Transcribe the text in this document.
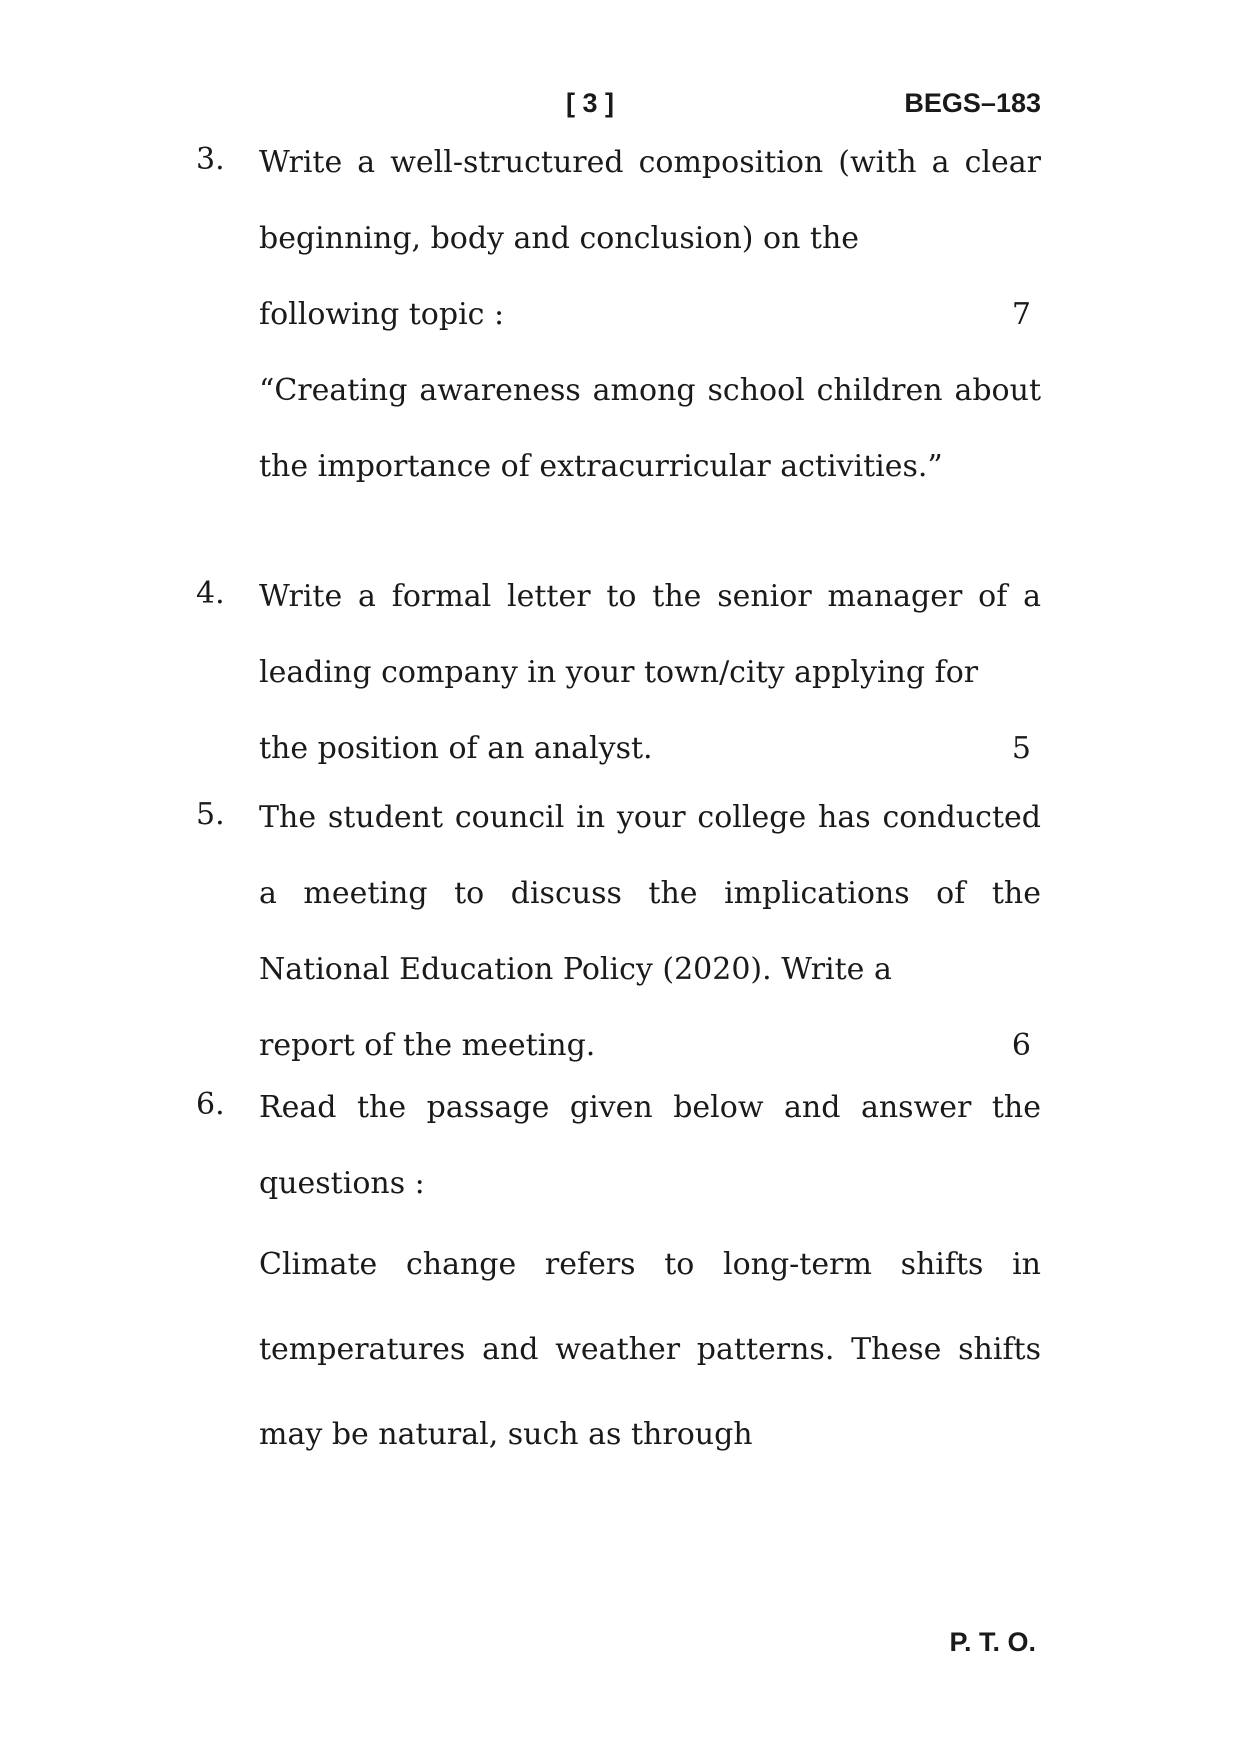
[ 3 ]	BEGS–183
3. Write a well-structured composition (with a clear beginning, body and conclusion) on the
following topic :	7
“Creating awareness among school children about the importance of extracurricular activities.”
4. Write a formal letter to the senior manager of a leading company in your town/city applying for
the position of an analyst.	5
5. The student council in your college has conducted a meeting to discuss the implications of the National Education Policy (2020). Write a
report of the meeting.	6
6. Read the passage given below and answer the questions :
Climate change refers to long-term shifts in temperatures and weather patterns. These shifts may be natural, such as through
P. T. O.
